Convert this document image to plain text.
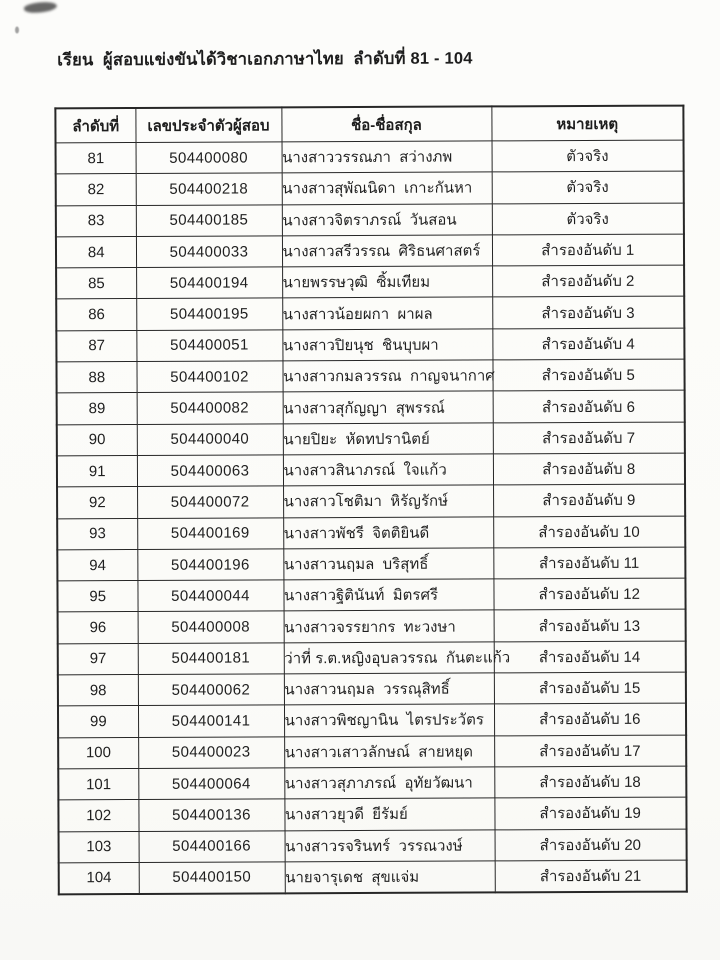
เรียน  ผู้สอบแข่งขันได้วิชาเอกภาษาไทย  ลำดับที่ 81 - 104
ลำดับที่	เลขประจำตัวผู้สอบ	ชื่อ-ชื่อสกุล	หมายเหตุ
81	504400080	นางสาววรรณภา  สว่างภพ	ตัวจริง
82	504400218	นางสาวสุพัณนิดา  เกาะกันหา	ตัวจริง
83	504400185	นางสาวจิตราภรณ์  วันสอน	ตัวจริง
84	504400033	นางสาวสรีวรรณ  ศิริธนศาสตร์	สำรองอันดับ 1
85	504400194	นายพรรษวุฒิ  ซิ้มเทียม	สำรองอันดับ 2
86	504400195	นางสาวน้อยผกา  ผาผล	สำรองอันดับ 3
87	504400051	นางสาวปิยนุช  ชินบุบผา	สำรองอันดับ 4
88	504400102	นางสาวกมลวรรณ  กาญจนากาศ	สำรองอันดับ 5
89	504400082	นางสาวสุกัญญา  สุพรรณ์	สำรองอันดับ 6
90	504400040	นายปิยะ  หัดทปรานิตย์	สำรองอันดับ 7
91	504400063	นางสาวสินาภรณ์  ใจแก้ว	สำรองอันดับ 8
92	504400072	นางสาวโชติมา  หิรัญรักษ์	สำรองอันดับ 9
93	504400169	นางสาวพัชรี  จิตติยินดี	สำรองอันดับ 10
94	504400196	นางสาวนฤมล  บริสุทธิ์	สำรองอันดับ 11
95	504400044	นางสาวฐิตินันท์  มิตรศรี	สำรองอันดับ 12
96	504400008	นางสาวจรรยากร  ทะวงษา	สำรองอันดับ 13
97	504400181	ว่าที่ ร.ต.หญิงอุบลวรรณ  กันตะแก้ว	สำรองอันดับ 14
98	504400062	นางสาวนฤมล  วรรณุสิทธิ์	สำรองอันดับ 15
99	504400141	นางสาวพิชญานิน  ไตรประวัตร	สำรองอันดับ 16
100	504400023	นางสาวเสาวลักษณ์  สายหยุด	สำรองอันดับ 17
101	504400064	นางสาวสุภาภรณ์  อุทัยวัฒนา	สำรองอันดับ 18
102	504400136	นางสาวยุวดี  ยีรัมย์	สำรองอันดับ 19
103	504400166	นางสาวรจรินทร์  วรรณวงษ์	สำรองอันดับ 20
104	504400150	นายจารุเดช  สุขแจ่ม	สำรองอันดับ 21
